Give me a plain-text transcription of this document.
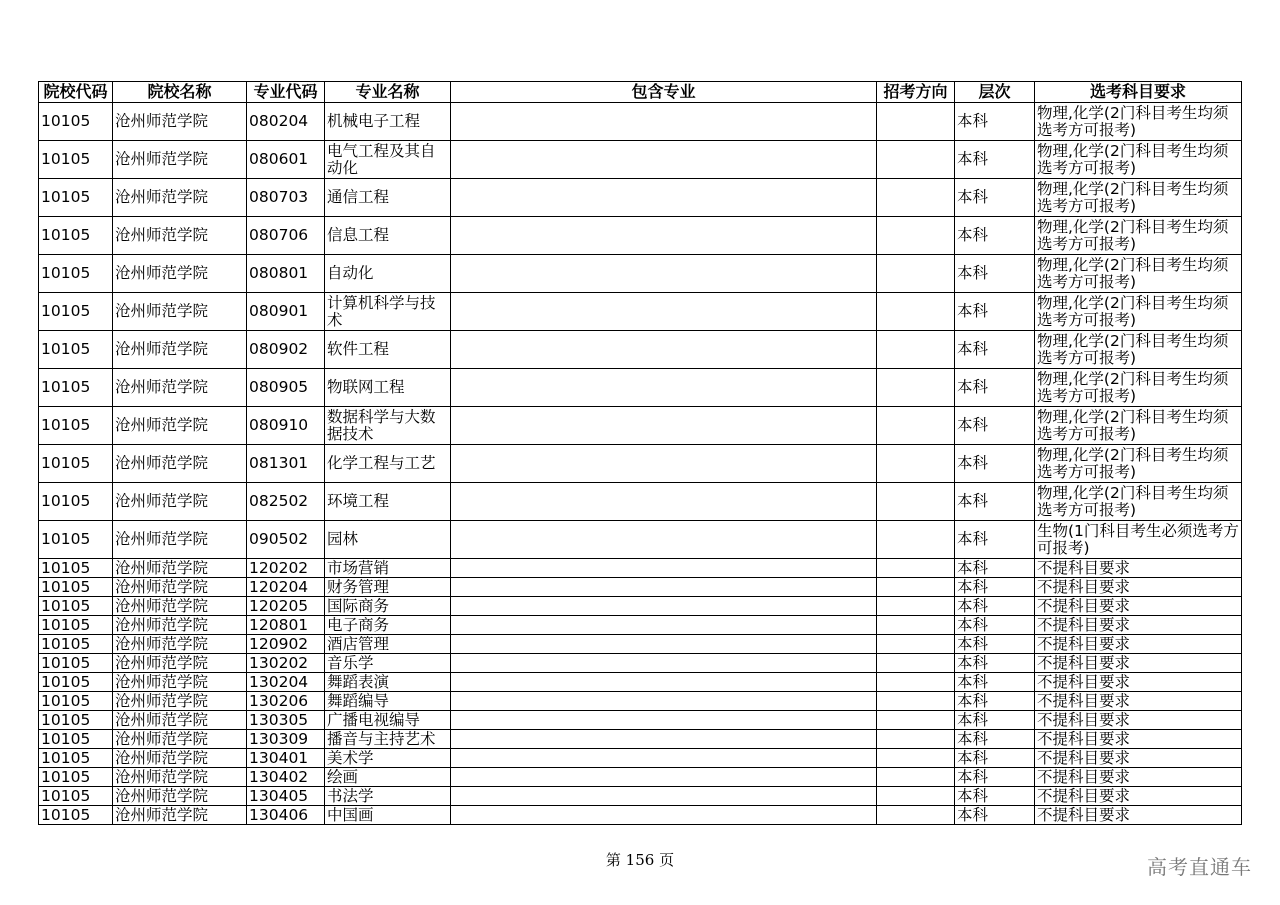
院校代码	院校名称	专业代码	专业名称	包含专业	招考方向	层次	选考科目要求
10105	沧州师范学院	080204	机械电子工程			本科	物理,化学(2门科目考生均须选考方可报考)
10105	沧州师范学院	080601	电气工程及其自动化			本科	物理,化学(2门科目考生均须选考方可报考)
10105	沧州师范学院	080703	通信工程			本科	物理,化学(2门科目考生均须选考方可报考)
10105	沧州师范学院	080706	信息工程			本科	物理,化学(2门科目考生均须选考方可报考)
10105	沧州师范学院	080801	自动化			本科	物理,化学(2门科目考生均须选考方可报考)
10105	沧州师范学院	080901	计算机科学与技术			本科	物理,化学(2门科目考生均须选考方可报考)
10105	沧州师范学院	080902	软件工程			本科	物理,化学(2门科目考生均须选考方可报考)
10105	沧州师范学院	080905	物联网工程			本科	物理,化学(2门科目考生均须选考方可报考)
10105	沧州师范学院	080910	数据科学与大数据技术			本科	物理,化学(2门科目考生均须选考方可报考)
10105	沧州师范学院	081301	化学工程与工艺			本科	物理,化学(2门科目考生均须选考方可报考)
10105	沧州师范学院	082502	环境工程			本科	物理,化学(2门科目考生均须选考方可报考)
10105	沧州师范学院	090502	园林			本科	生物(1门科目考生必须选考方可报考)
10105	沧州师范学院	120202	市场营销			本科	不提科目要求
10105	沧州师范学院	120204	财务管理			本科	不提科目要求
10105	沧州师范学院	120205	国际商务			本科	不提科目要求
10105	沧州师范学院	120801	电子商务			本科	不提科目要求
10105	沧州师范学院	120902	酒店管理			本科	不提科目要求
10105	沧州师范学院	130202	音乐学			本科	不提科目要求
10105	沧州师范学院	130204	舞蹈表演			本科	不提科目要求
10105	沧州师范学院	130206	舞蹈编导			本科	不提科目要求
10105	沧州师范学院	130305	广播电视编导			本科	不提科目要求
10105	沧州师范学院	130309	播音与主持艺术			本科	不提科目要求
10105	沧州师范学院	130401	美术学			本科	不提科目要求
10105	沧州师范学院	130402	绘画			本科	不提科目要求
10105	沧州师范学院	130405	书法学			本科	不提科目要求
10105	沧州师范学院	130406	中国画			本科	不提科目要求
第 156 页	高考直通车
